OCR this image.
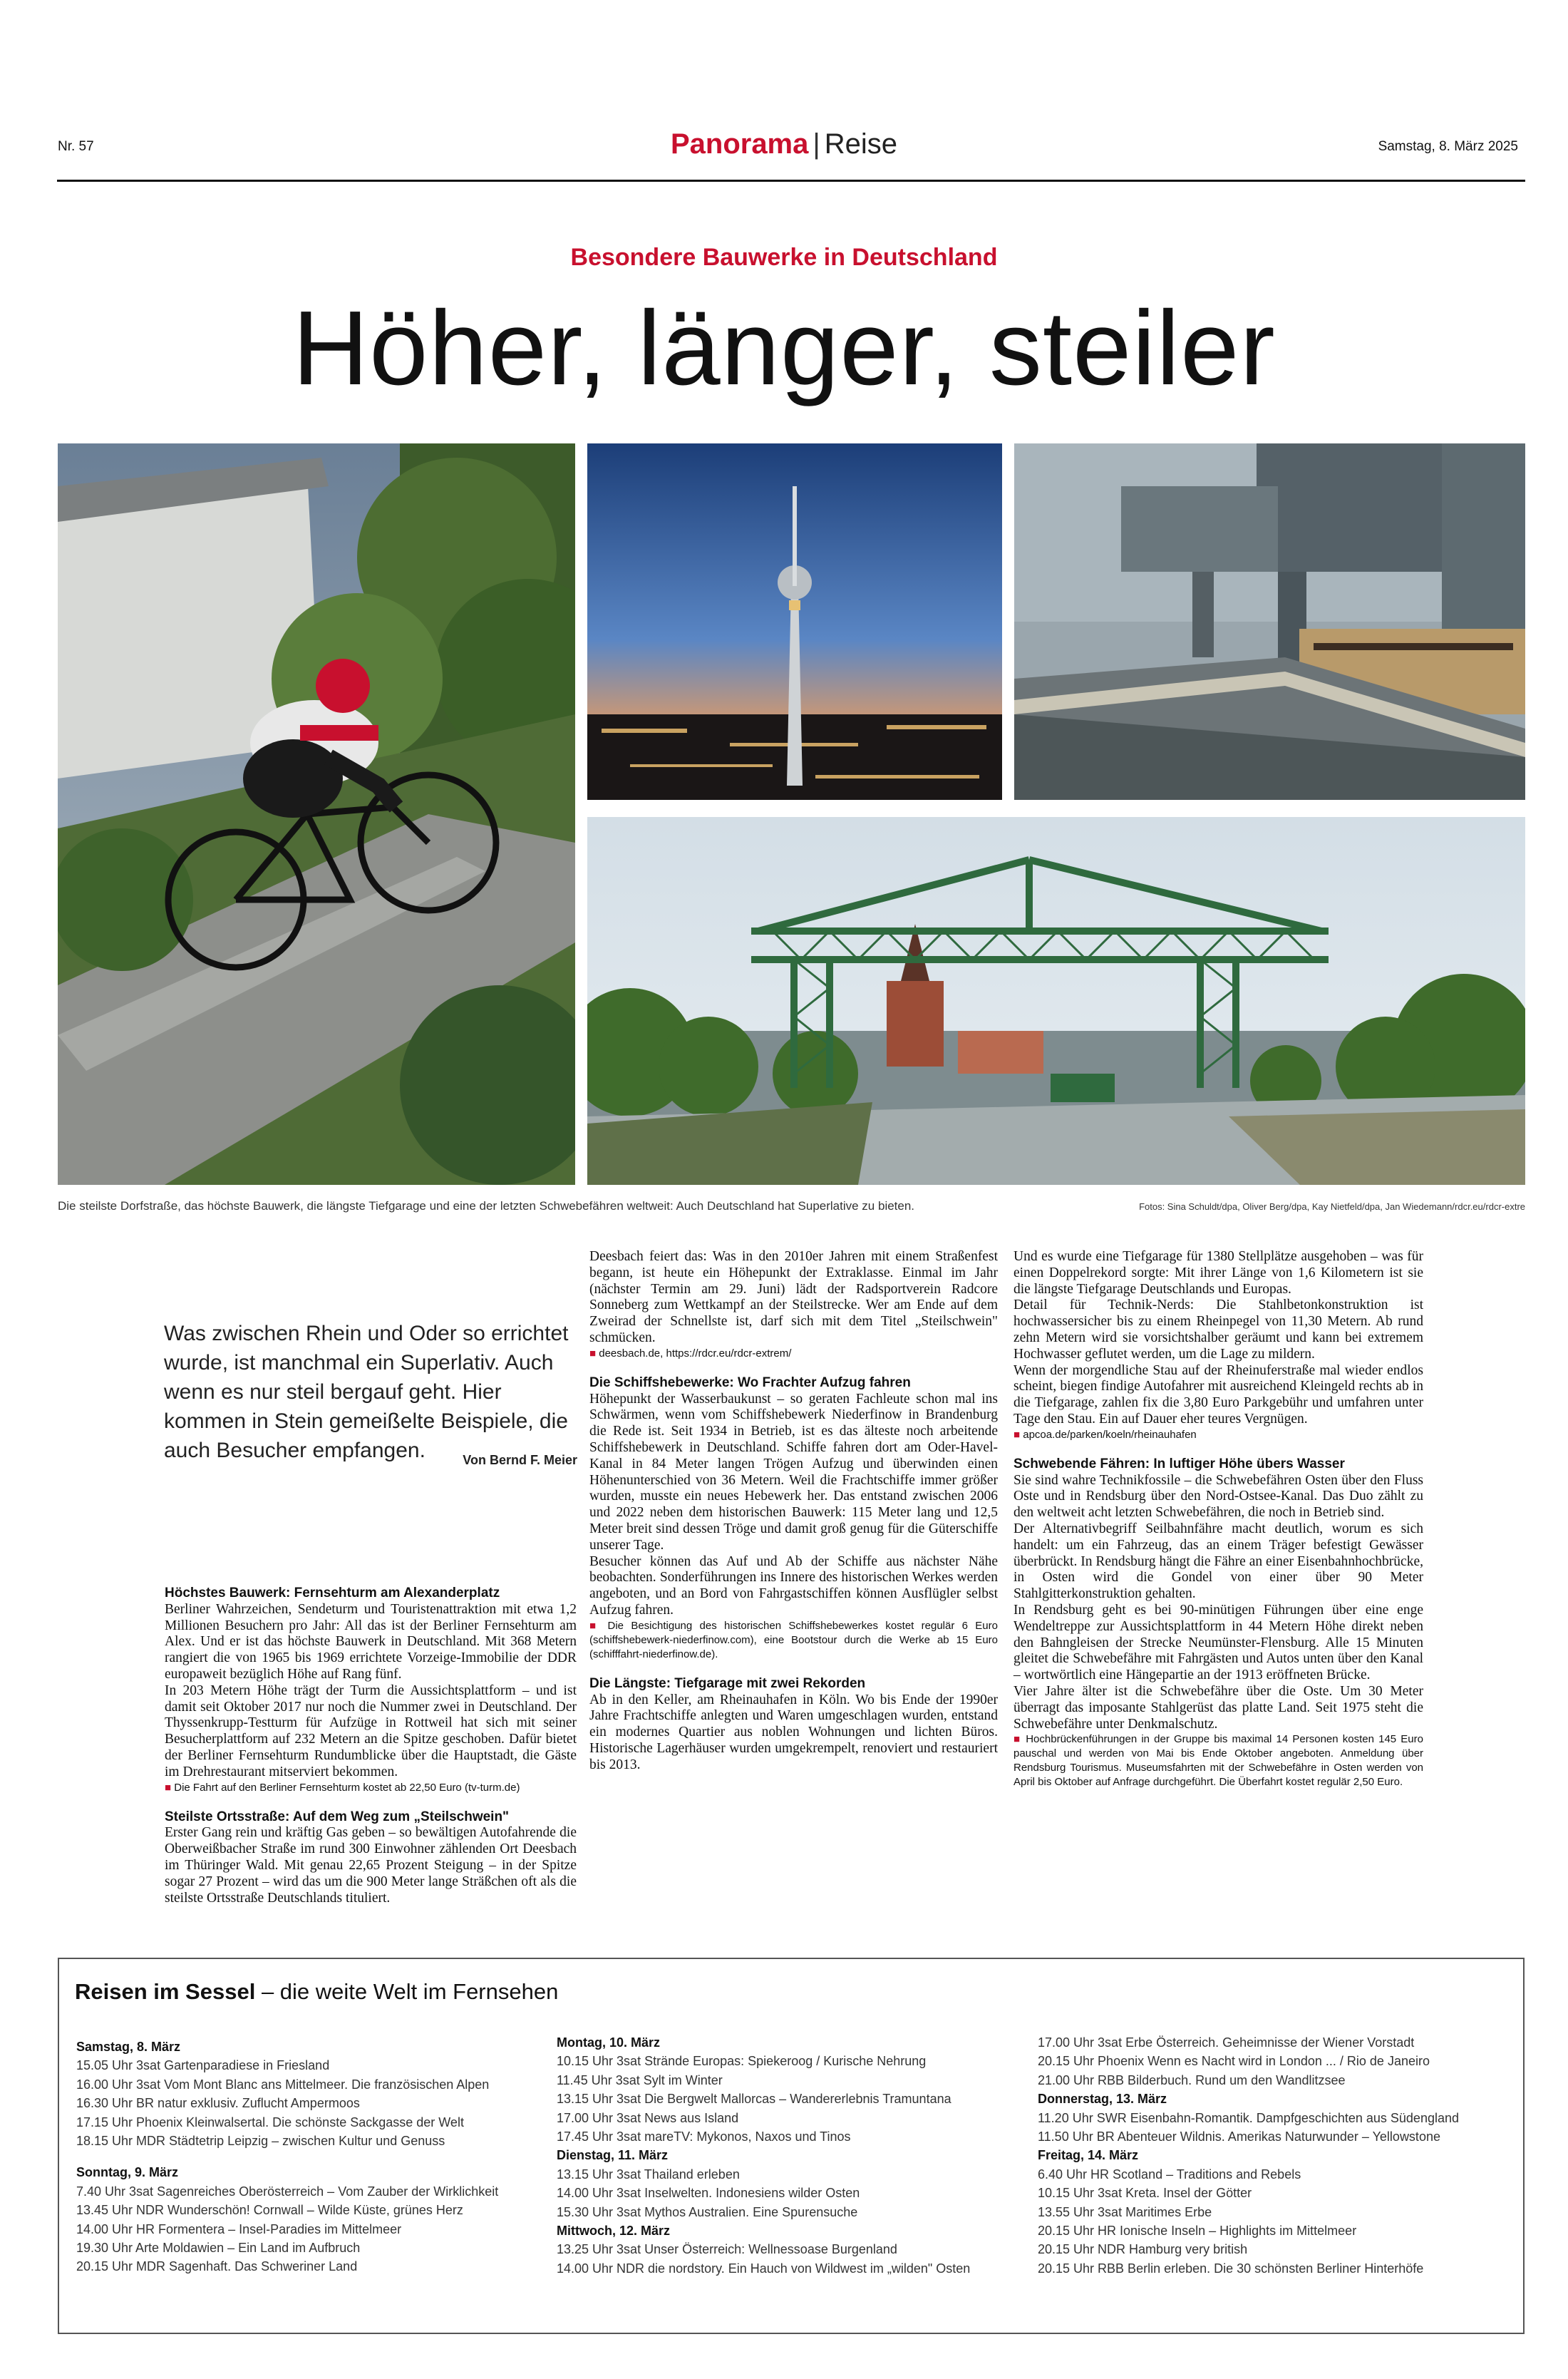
Nr. 57	Panorama | Reise	Samstag, 8. März 2025
Besondere Bauwerke in Deutschland
Höher, länger, steiler
Die steilste Dorfstraße, das höchste Bauwerk, die längste Tiefgarage und eine der letzten Schwebefähren weltweit: Auch Deutschland hat Superlative zu bieten.	Fotos: Sina Schuldt/dpa, Oliver Berg/dpa, Kay Nietfeld/dpa, Jan Wiedemann/rdcr.eu/rdcr-extre
Was zwischen Rhein und Oder so errichtet wurde, ist manchmal ein Superlativ. Auch wenn es nur steil bergauf geht. Hier kommen in Stein gemeißelte Beispiele, die auch Besucher empfangen.	Von Bernd F. Meier
Höchstes Bauwerk: Fernsehturm am Alexanderplatz

Berliner Wahrzeichen, Sendeturm und Touristenattraktion mit etwa 1,2 Millionen Besuchern pro Jahr: All das ist der Berliner Fernsehturm am Alex. Und er ist das höchste Bauwerk in Deutschland. Mit 368 Metern rangiert die von 1965 bis 1969 errichtete Vorzeige-Immobilie der DDR europaweit bezüglich Höhe auf Rang fünf.

In 203 Metern Höhe trägt der Turm die Aussichtsplattform – und ist damit seit Oktober 2017 nur noch die Nummer zwei in Deutschland. Der Thyssenkrupp-Testturm für Aufzüge in Rottweil hat sich mit seiner Besucherplattform auf 232 Metern an die Spitze geschoben. Dafür bietet der Berliner Fernsehturm Rundumblicke über die Hauptstadt, die Gäste im Drehrestaurant mitserviert bekommen.

■ Die Fahrt auf den Berliner Fernsehturm kostet ab 22,50 Euro (tv-turm.de)

Steilste Ortsstraße: Auf dem Weg zum „Steilschwein"

Erster Gang rein und kräftig Gas geben – so bewältigen Autofahrende die Oberweißbacher Straße im rund 300 Einwohner zählenden Ort Deesbach im Thüringer Wald. Mit genau 22,65 Prozent Steigung – in der Spitze sogar 27 Prozent – wird das um die 900 Meter lange Sträßchen oft als die steilste Ortsstraße Deutschlands tituliert.

Deesbach feiert das: Was in den 2010er Jahren mit einem Straßenfest begann, ist heute ein Höhepunkt der Extraklasse. Einmal im Jahr (nächster Termin am 29. Juni) lädt der Radsportverein Radcore Sonneberg zum Wettkampf an der Steilstrecke. Wer am Ende auf dem Zweirad der Schnellste ist, darf sich mit dem Titel „Steilschwein" schmücken.

■ deesbach.de, https://rdcr.eu/rdcr-extrem/

Die Schiffshebewerke: Wo Frachter Aufzug fahren

Höhepunkt der Wasserbaukunst – so geraten Fachleute schon mal ins Schwärmen, wenn vom Schiffshebewerk Niederfinow in Brandenburg die Rede ist. Seit 1934 in Betrieb, ist es das älteste noch arbeitende Schiffshebewerk in Deutschland. Schiffe fahren dort am Oder-Havel-Kanal in 84 Meter langen Trögen Aufzug und überwinden einen Höhenunterschied von 36 Metern. Weil die Frachtschiffe immer größer wurden, musste ein neues Hebewerk her. Das entstand zwischen 2006 und 2022 neben dem historischen Bauwerk: 115 Meter lang und 12,5 Meter breit sind dessen Tröge und damit groß genug für die Güterschiffe unserer Tage.

Besucher können das Auf und Ab der Schiffe aus nächster Nähe beobachten. Sonderführungen ins Innere des historischen Werkes werden angeboten, und an Bord von Fahrgastschiffen können Ausflügler selbst Aufzug fahren.

■ Die Besichtigung des historischen Schiffshebewerkes kostet regulär 6 Euro (schiffshebewerk-niederfinow.com), eine Bootstour durch die Werke ab 15 Euro (schifffahrt-niederfinow.de).

Die Längste: Tiefgarage mit zwei Rekorden

Ab in den Keller, am Rheinauhafen in Köln. Wo bis Ende der 1990er Jahre Frachtschiffe anlegten und Waren umgeschlagen wurden, entstand ein modernes Quartier aus noblen Wohnungen und lichten Büros. Historische Lagerhäuser wurden umgekrempelt, renoviert und restauriert bis 2013.

Und es wurde eine Tiefgarage für 1380 Stellplätze ausgehoben – was für einen Doppelrekord sorgte: Mit ihrer Länge von 1,6 Kilometern ist sie die längste Tiefgarage Deutschlands und Europas.

Detail für Technik-Nerds: Die Stahlbetonkonstruktion ist hochwassersicher bis zu einem Rheinpegel von 11,30 Metern. Ab rund zehn Metern wird sie vorsichtshalber geräumt und kann bei extremem Hochwasser geflutet werden, um die Lage zu mildern.

Wenn der morgendliche Stau auf der Rheinuferstraße mal wieder endlos scheint, biegen findige Autofahrer mit ausreichend Kleingeld rechts ab in die Tiefgarage, zahlen fix die 3,80 Euro Parkgebühr und umfahren unter Tage den Stau. Ein auf Dauer eher teures Vergnügen.

■ apcoa.de/parken/koeln/rheinauhafen

Schwebende Fähren: In luftiger Höhe übers Wasser

Sie sind wahre Technikfossile – die Schwebefähren Osten über den Fluss Oste und in Rendsburg über den Nord-Ostsee-Kanal. Das Duo zählt zu den weltweit acht letzten Schwebefähren, die noch in Betrieb sind.

Der Alternativbegriff Seilbahnfähre macht deutlich, worum es sich handelt: um ein Fahrzeug, das an einem Träger befestigt Gewässer überbrückt. In Rendsburg hängt die Fähre an einer Eisenbahnhochbrücke, in Osten wird die Gondel von einer über 90 Meter Stahlgitterkonstruktion gehalten.

In Rendsburg geht es bei 90-minütigen Führungen über eine enge Wendeltreppe zur Aussichtsplattform in 44 Metern Höhe direkt neben den Bahngleisen der Strecke Neumünster-Flensburg. Alle 15 Minuten gleitet die Schwebefähre mit Fahrgästen und Autos unten über den Kanal – wortwörtlich eine Hängepartie an der 1913 eröffneten Brücke.

Vier Jahre älter ist die Schwebefähre über die Oste. Um 30 Meter überragt das imposante Stahlgerüst das platte Land. Seit 1975 steht die Schwebefähre unter Denkmalschutz.

■ Hochbrückenführungen in der Gruppe bis maximal 14 Personen kosten 145 Euro pauschal und werden von Mai bis Ende Oktober angeboten. Anmeldung über Rendsburg Tourismus. Museumsfahrten mit der Schwebefähre in Osten werden von April bis Oktober auf Anfrage durchgeführt. Die Überfahrt kostet regulär 2,50 Euro.

Reisen im Sessel – die weite Welt im Fernsehen
Samstag, 8. März
15.05 Uhr 3sat Gartenparadiese in Friesland
16.00 Uhr 3sat Vom Mont Blanc ans Mittelmeer. Die französischen Alpen
16.30 Uhr BR natur exklusiv. Zuflucht Ampermoos
17.15 Uhr Phoenix Kleinwalsertal. Die schönste Sackgasse der Welt
18.15 Uhr MDR Städtetrip Leipzig – zwischen Kultur und Genuss
Sonntag, 9. März
7.40 Uhr 3sat Sagenreiches Oberösterreich – Vom Zauber der Wirklichkeit
13.45 Uhr NDR Wunderschön! Cornwall – Wilde Küste, grünes Herz
14.00 Uhr HR Formentera – Insel-Paradies im Mittelmeer
19.30 Uhr Arte Moldawien – Ein Land im Aufbruch
20.15 Uhr MDR Sagenhaft. Das Schweriner Land
Montag, 10. März
10.15 Uhr 3sat Strände Europas: Spiekeroog / Kurische Nehrung
11.45 Uhr 3sat Sylt im Winter
13.15 Uhr 3sat Die Bergwelt Mallorcas – Wandererlebnis Tramuntana
17.00 Uhr 3sat News aus Island
17.45 Uhr 3sat mareTV: Mykonos, Naxos und Tinos
Dienstag, 11. März
13.15 Uhr 3sat Thailand erleben
14.00 Uhr 3sat Inselwelten. Indonesiens wilder Osten
15.30 Uhr 3sat Mythos Australien. Eine Spurensuche
Mittwoch, 12. März
13.25 Uhr 3sat Unser Österreich: Wellnessoase Burgenland
14.00 Uhr NDR die nordstory. Ein Hauch von Wildwest im „wilden" Osten
17.00 Uhr 3sat Erbe Österreich. Geheimnisse der Wiener Vorstadt
20.15 Uhr Phoenix Wenn es Nacht wird in London ... / Rio de Janeiro
21.00 Uhr RBB Bilderbuch. Rund um den Wandlitzsee
Donnerstag, 13. März
11.20 Uhr SWR Eisenbahn-Romantik. Dampfgeschichten aus Südengland
11.50 Uhr BR Abenteuer Wildnis. Amerikas Naturwunder – Yellowstone
Freitag, 14. März
6.40 Uhr HR Scotland – Traditions and Rebels
10.15 Uhr 3sat Kreta. Insel der Götter
13.55 Uhr 3sat Maritimes Erbe
20.15 Uhr HR Ionische Inseln – Highlights im Mittelmeer
20.15 Uhr NDR Hamburg very british
20.15 Uhr RBB Berlin erleben. Die 30 schönsten Berliner Hinterhöfe
